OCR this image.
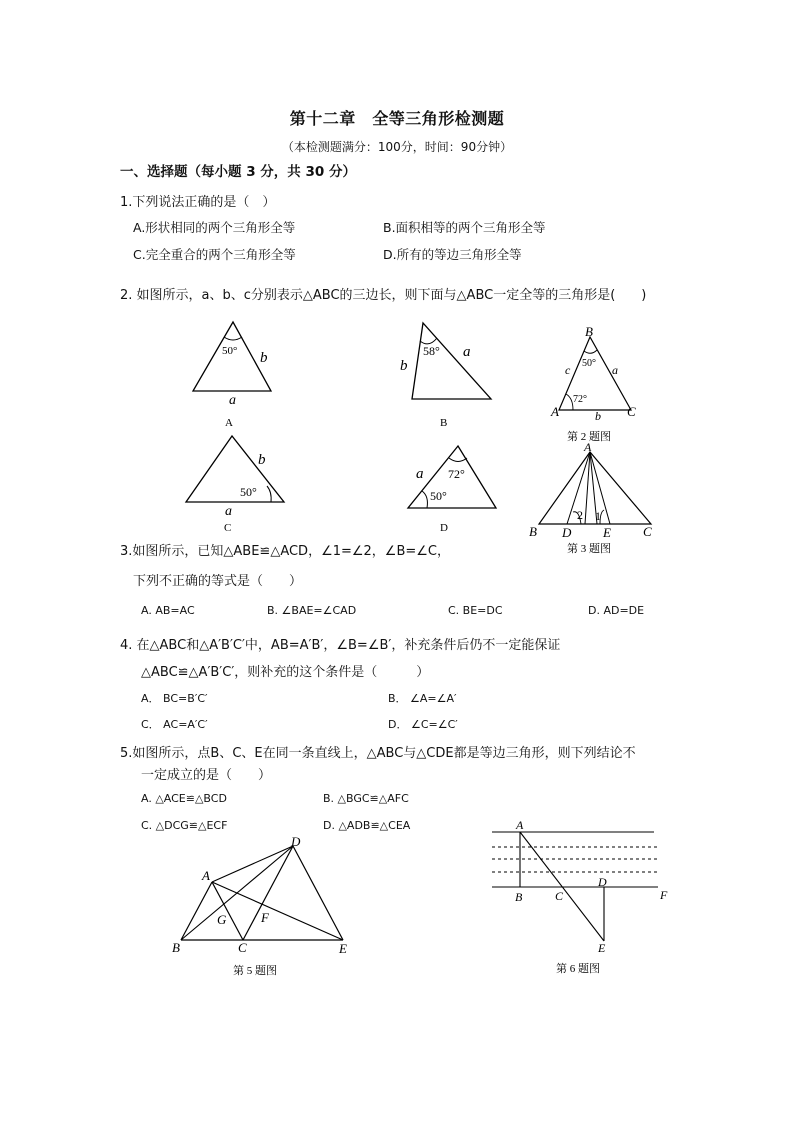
第十二章　全等三角形检测题
（本检测题满分：100分，时间：90分钟）
一、选择题（每小题 3 分，共 30 分）
1.下列说法正确的是（　）
A.形状相同的两个三角形全等	B.面积相等的两个三角形全等
C.完全重合的两个三角形全等	D.所有的等边三角形全等
2. 如图所示，a、b、c分别表示△ABC的三边长，则下面与△ABC一定全等的三角形是(　　)
50° b
a
A
58°
b
a
B
B
A	C
c	a
b
50°
72°
第 2 题图
b
50°
a
C
72°
a
50°
D
A
B D E C
2 1
第 3 题图
3.如图所示，已知△ABE≌△ACD，∠1=∠2，∠B=∠C，
下列不正确的等式是（　　）
A. AB=AC	B. ∠BAE=∠CAD	C. BE=DC	D. AD=DE
4. 在△ABC和△A′B′C′中，AB=A′B′，∠B=∠B′，补充条件后仍不一定能保证
△ABC≌△A′B′C′，则补充的这个条件是（　　　）
A． BC=B′C′	B． ∠A=∠A′
C． AC=A′C′	D． ∠C=∠C′
5.如图所示，点B、C、E在同一条直线上，△ABC与△CDE都是等边三角形，则下列结论不
一定成立的是（　　）
A. △ACE≌△BCD	B. △BGC≌△AFC
C. △DCG≌△ECF	D. △ADB≌△CEA
A
B	C
D
E
F
G
第 5 题图
A
B	C
D
E
F
第 6 题图
